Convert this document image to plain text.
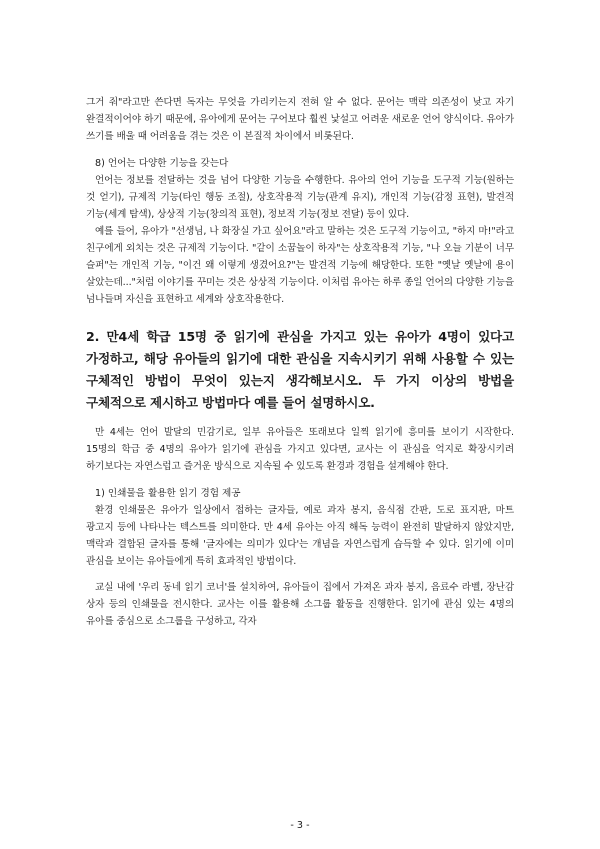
그거 줘"라고만 쓴다면 독자는 무엇을 가리키는지 전혀 알 수 없다. 문어는 맥락 의존성이 낮고 자기 완결적이어야 하기 때문에, 유아에게 문어는 구어보다 훨씬 낯설고 어려운 새로운 언어 양식이다. 유아가 쓰기를 배울 때 어려움을 겪는 것은 이 본질적 차이에서 비롯된다.

8) 언어는 다양한 기능을 갖는다

언어는 정보를 전달하는 것을 넘어 다양한 기능을 수행한다. 유아의 언어 기능을 도구적 기능(원하는 것 얻기), 규제적 기능(타인 행동 조절), 상호작용적 기능(관계 유지), 개인적 기능(감정 표현), 발견적 기능(세계 탐색), 상상적 기능(창의적 표현), 정보적 기능(정보 전달) 등이 있다.

예를 들어, 유아가 "선생님, 나 화장실 가고 싶어요"라고 말하는 것은 도구적 기능이고, "하지 마!"라고 친구에게 외치는 것은 규제적 기능이다. "같이 소꿉놀이 하자"는 상호작용적 기능, "나 오늘 기분이 너무 슬퍼"는 개인적 기능, "이건 왜 이렇게 생겼어요?"는 발견적 기능에 해당한다. 또한 "옛날 옛날에 용이 살았는데..."처럼 이야기를 꾸미는 것은 상상적 기능이다. 이처럼 유아는 하루 종일 언어의 다양한 기능을 넘나들며 자신을 표현하고 세계와 상호작용한다.

2. 만4세 학급 15명 중 읽기에 관심을 가지고 있는 유아가 4명이 있다고 가정하고, 해당 유아들의 읽기에 대한 관심을 지속시키기 위해 사용할 수 있는 구체적인 방법이 무엇이 있는지 생각해보시오. 두 가지 이상의 방법을 구체적으로 제시하고 방법마다 예를 들어 설명하시오.

만 4세는 언어 발달의 민감기로, 일부 유아들은 또래보다 일찍 읽기에 흥미를 보이기 시작한다. 15명의 학급 중 4명의 유아가 읽기에 관심을 가지고 있다면, 교사는 이 관심을 억지로 확장시키려 하기보다는 자연스럽고 즐거운 방식으로 지속될 수 있도록 환경과 경험을 설계해야 한다.

1) 인쇄물을 활용한 읽기 경험 제공

환경 인쇄물은 유아가 일상에서 접하는 글자들, 예로 과자 봉지, 음식점 간판, 도로 표지판, 마트 광고지 등에 나타나는 텍스트를 의미한다. 만 4세 유아는 아직 해독 능력이 완전히 발달하지 않았지만, 맥락과 결합된 글자를 통해 '글자에는 의미가 있다'는 개념을 자연스럽게 습득할 수 있다. 읽기에 이미 관심을 보이는 유아들에게 특히 효과적인 방법이다.

교실 내에 '우리 동네 읽기 코너'를 설치하여, 유아들이 집에서 가져온 과자 봉지, 음료수 라벨, 장난감 상자 등의 인쇄물을 전시한다. 교사는 이를 활용해 소그룹 활동을 진행한다. 읽기에 관심 있는 4명의 유아를 중심으로 소그룹을 구성하고, 각자

- 3 -
